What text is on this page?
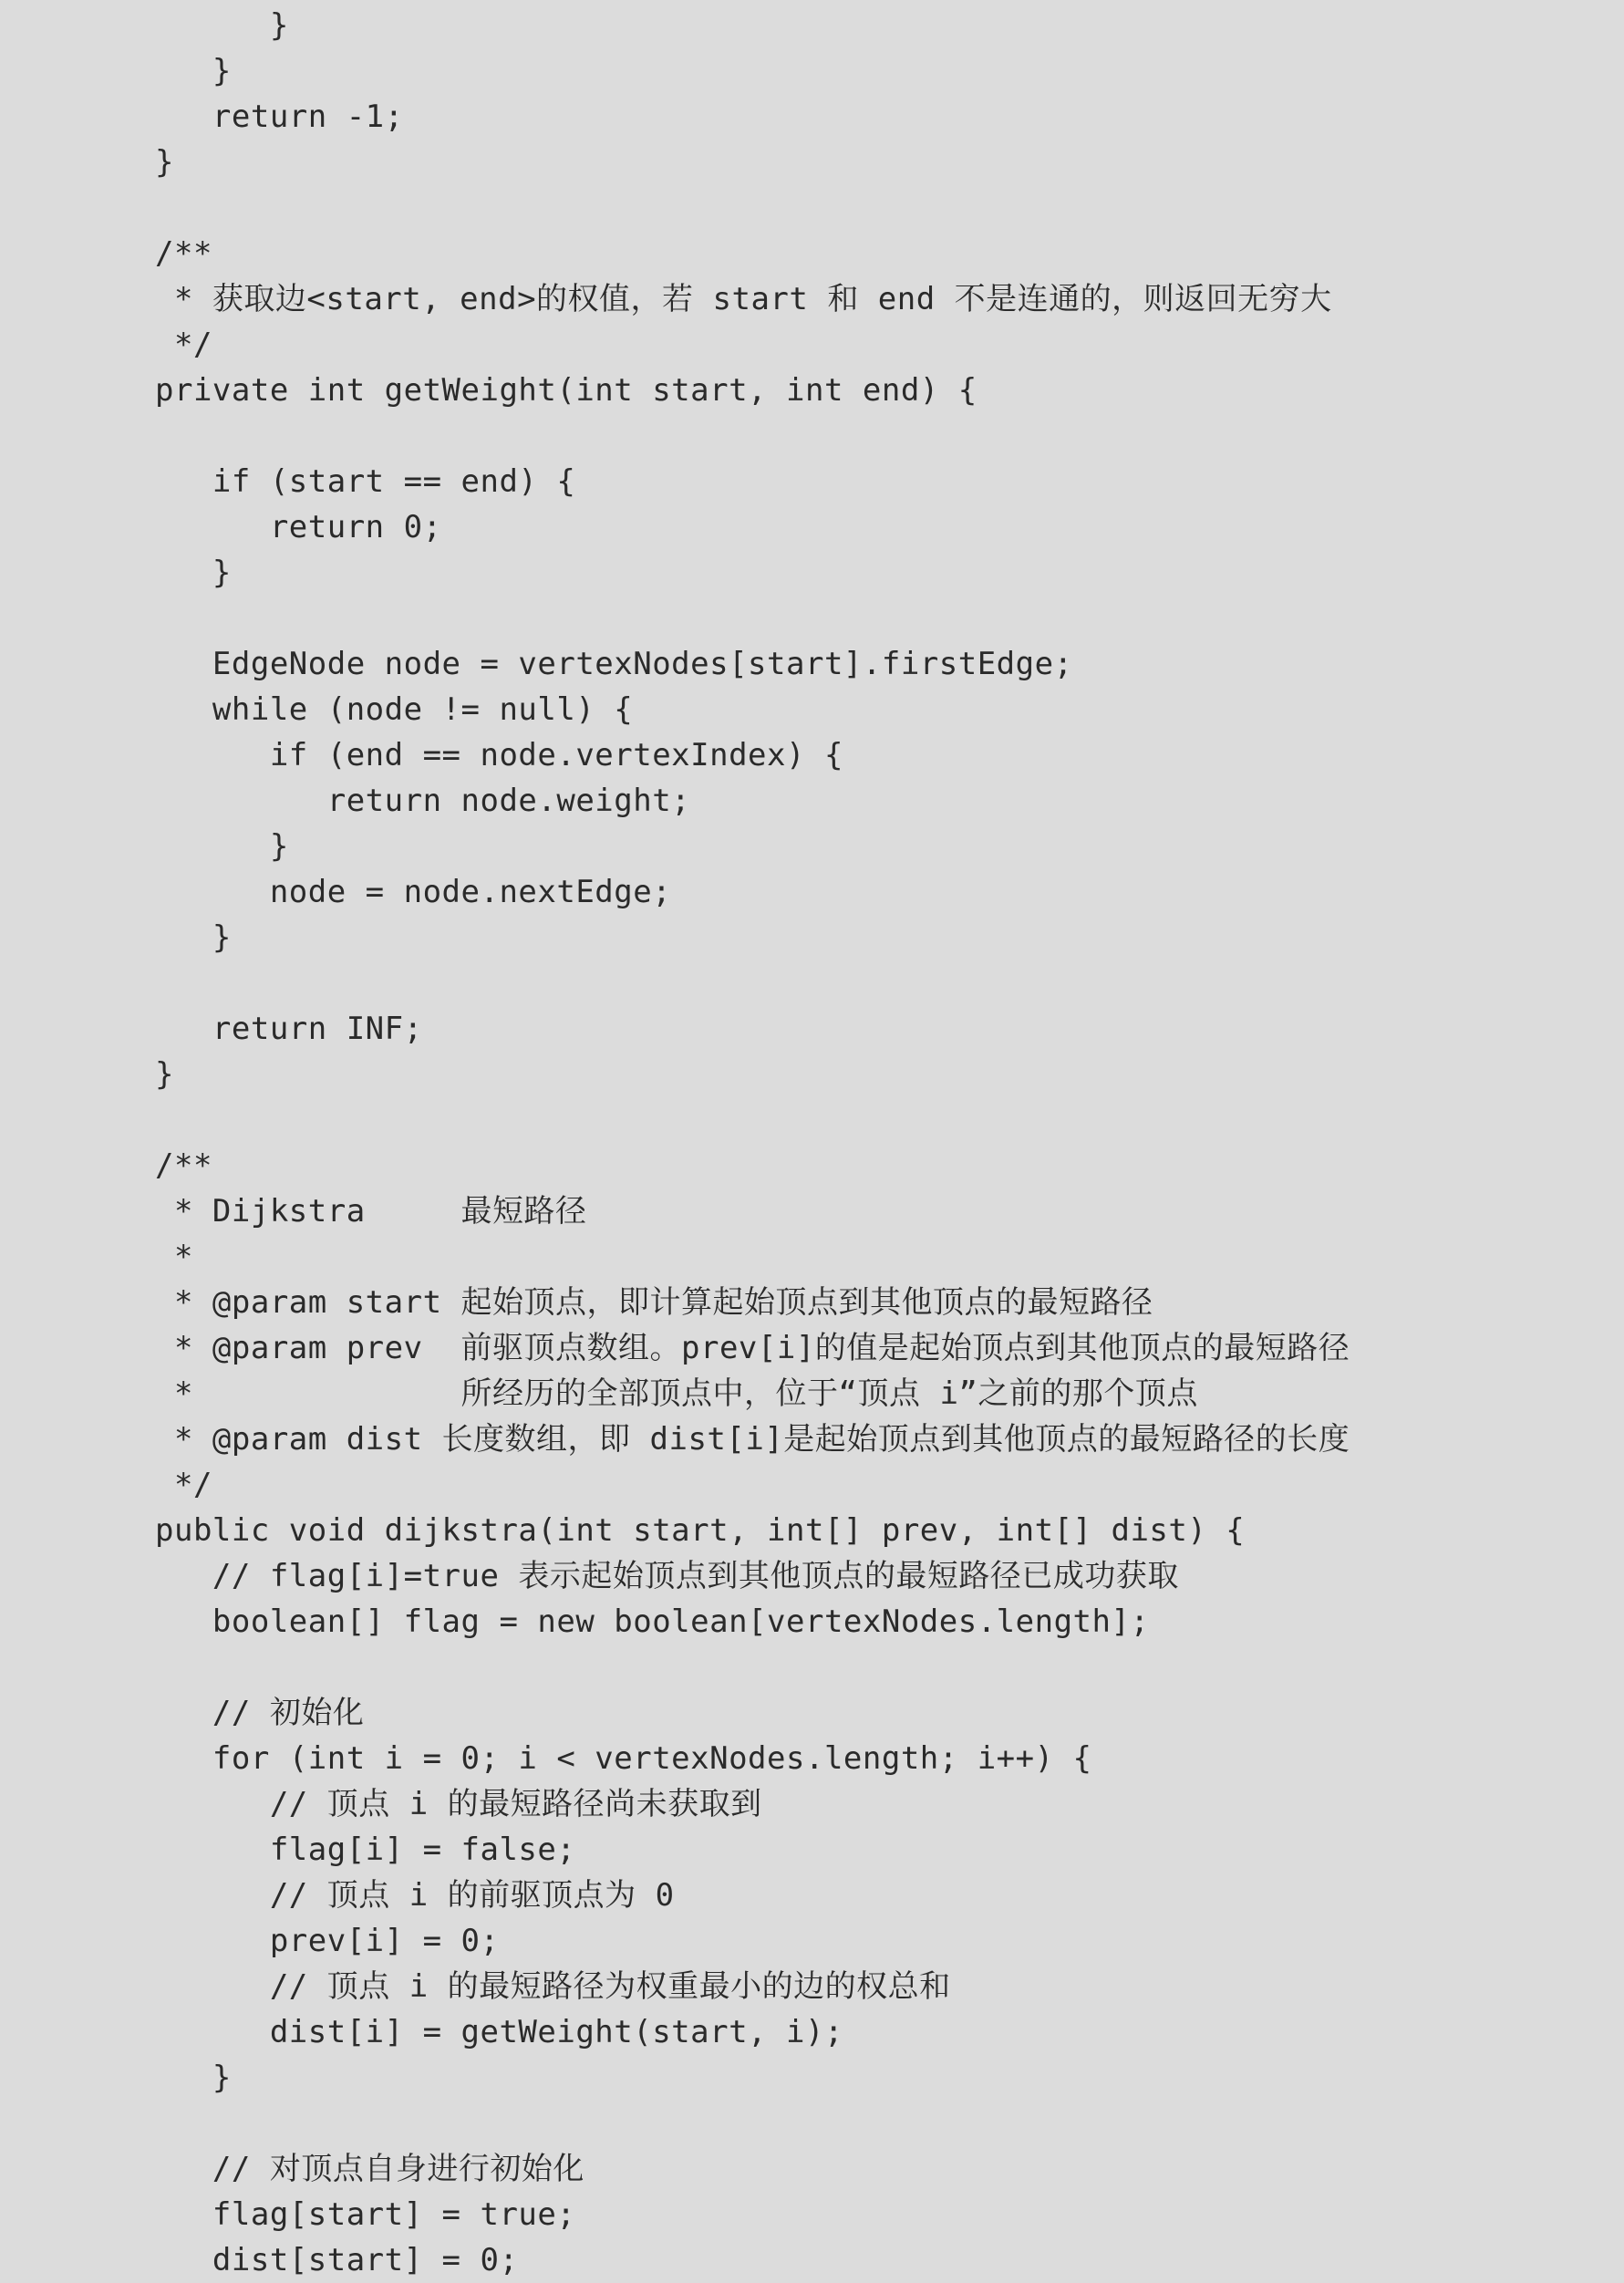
}
}
return -1;
}
/**
* 获取边<start, end>的权值，若 start 和 end 不是连通的，则返回无穷大
*/
private int getWeight(int start, int end) {
if (start == end) {
return 0;
}
EdgeNode node = vertexNodes[start].firstEdge;
while (node != null) {
if (end == node.vertexIndex) {
return node.weight;
}
node = node.nextEdge;
}
return INF;
}
/**
* Dijkstra     最短路径
*
* @param start 起始顶点，即计算起始顶点到其他顶点的最短路径
* @param prev  前驱顶点数组。prev[i]的值是起始顶点到其他顶点的最短路径
*              所经历的全部顶点中，位于“顶点 i”之前的那个顶点
* @param dist 长度数组，即 dist[i]是起始顶点到其他顶点的最短路径的长度
*/
public void dijkstra(int start, int[] prev, int[] dist) {
// flag[i]=true 表示起始顶点到其他顶点的最短路径已成功获取
boolean[] flag = new boolean[vertexNodes.length];
// 初始化
for (int i = 0; i < vertexNodes.length; i++) {
// 顶点 i 的最短路径尚未获取到
flag[i] = false;
// 顶点 i 的前驱顶点为 0
prev[i] = 0;
// 顶点 i 的最短路径为权重最小的边的权总和
dist[i] = getWeight(start, i);
}
// 对顶点自身进行初始化
flag[start] = true;
dist[start] = 0;
